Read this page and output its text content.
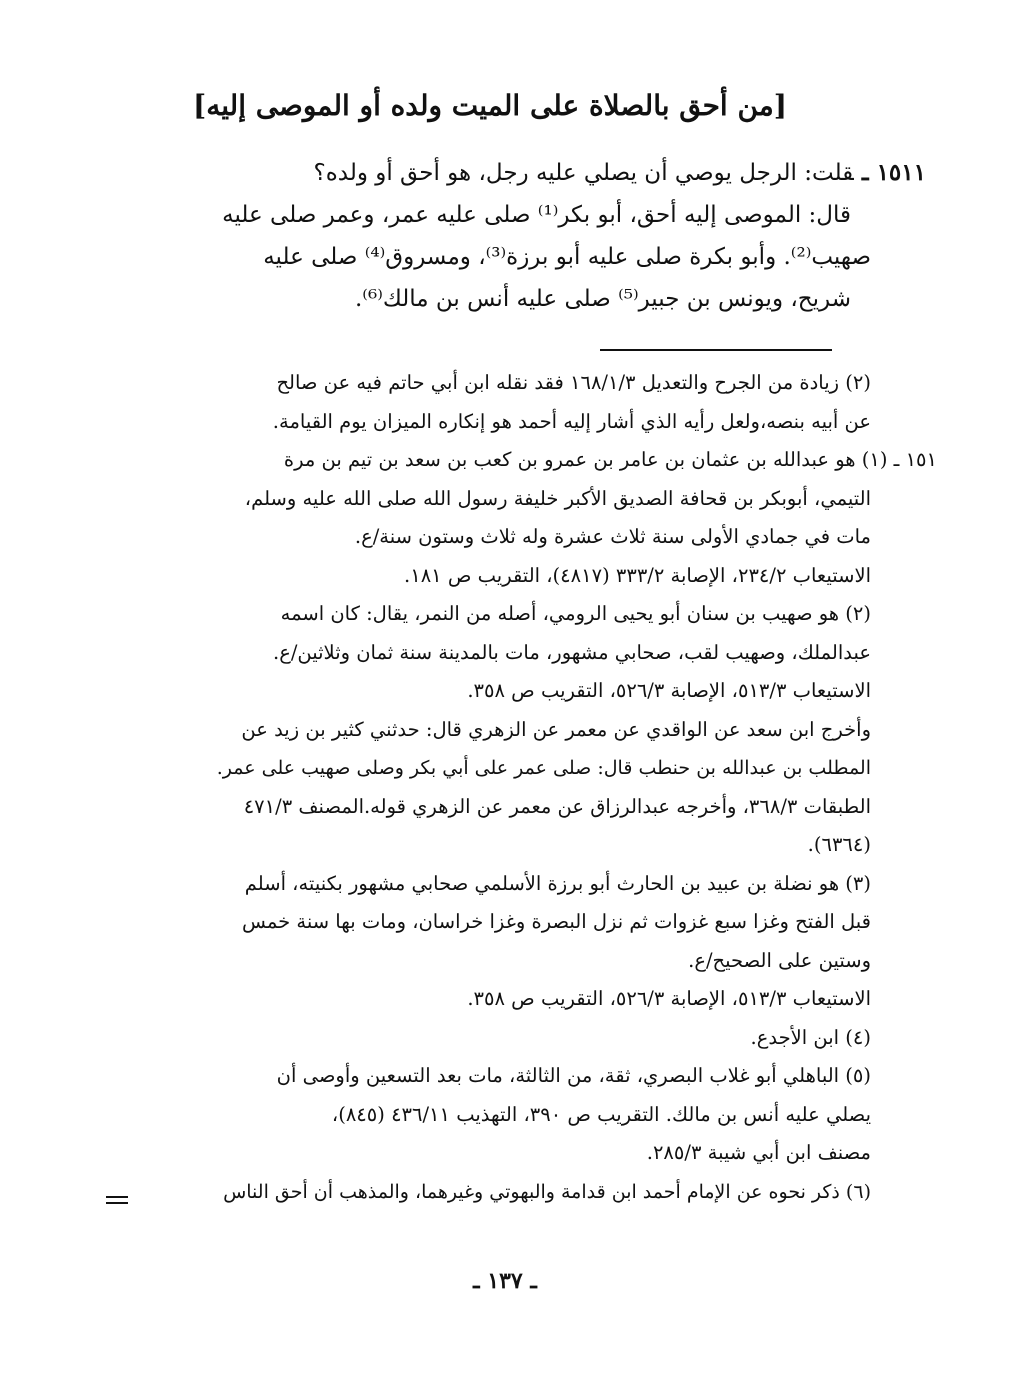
[من أحق بالصلاة على الميت ولده أو الموصى إليه]
١٥١١ ـقلت: الرجل يوصي أن يصلي عليه رجل، هو أحق أو ولده؟
قال: الموصى إليه أحق، أبو بكر⁽¹⁾ صلى عليه عمر، وعمر صلى عليه
صهيب⁽²⁾. وأبو بكرة صلى عليه أبو برزة⁽³⁾، ومسروق⁽⁴⁾ صلى عليه
شريح، ويونس بن جبير⁽⁵⁾ صلى عليه أنس بن مالك⁽⁶⁾.
(٢) زيادة من الجرح والتعديل ١٦٨/١/٣ فقد نقله ابن أبي حاتم فيه عن صالح
عن أبيه بنصه،ولعل رأيه الذي أشار إليه أحمد هو إنكاره الميزان يوم القيامة.
١٥١ ـ (١) هو عبدالله بن عثمان بن عامر بن عمرو بن كعب بن سعد بن تيم بن مرة
التيمي، أبوبكر بن قحافة الصديق الأكبر خليفة رسول الله صلى الله عليه وسلم،
مات في جمادي الأولى سنة ثلاث عشرة وله ثلاث وستون سنة/ع.
الاستيعاب ٢٣٤/٢، الإصابة ٣٣٣/٢ (٤٨١٧)، التقريب ص ١٨١.
(٢) هو صهيب بن سنان أبو يحيى الرومي، أصله من النمر، يقال: كان اسمه
عبدالملك، وصهيب لقب، صحابي مشهور، مات بالمدينة سنة ثمان وثلاثين/ع.
الاستيعاب ٥١٣/٣، الإصابة ٥٢٦/٣، التقريب ص ٣٥٨.
وأخرج ابن سعد عن الواقدي عن معمر عن الزهري قال: حدثني كثير بن زيد عن
المطلب بن عبدالله بن حنطب قال: صلى عمر على أبي بكر وصلى صهيب على عمر.
الطبقات ٣٦٨/٣، وأخرجه عبدالرزاق عن معمر عن الزهري قوله.المصنف ٤٧١/٣
(٦٣٦٤).
(٣) هو نضلة بن عبيد بن الحارث أبو برزة الأسلمي صحابي مشهور بكنيته، أسلم
قبل الفتح وغزا سبع غزوات ثم نزل البصرة وغزا خراسان، ومات بها سنة خمس
وستين على الصحيح/ع.
الاستيعاب ٥١٣/٣، الإصابة ٥٢٦/٣، التقريب ص ٣٥٨.
(٤) ابن الأجدع.
(٥) الباهلي أبو غلاب البصري، ثقة، من الثالثة، مات بعد التسعين وأوصى أن
يصلي عليه أنس بن مالك. التقريب ص ٣٩٠، التهذيب ٤٣٦/١١ (٨٤٥)،
مصنف ابن أبي شيبة ٢٨٥/٣.
(٦) ذكر نحوه عن الإمام أحمد ابن قدامة والبهوتي وغيرهما، والمذهب أن أحق الناس
ـ ١٣٧ ـ
